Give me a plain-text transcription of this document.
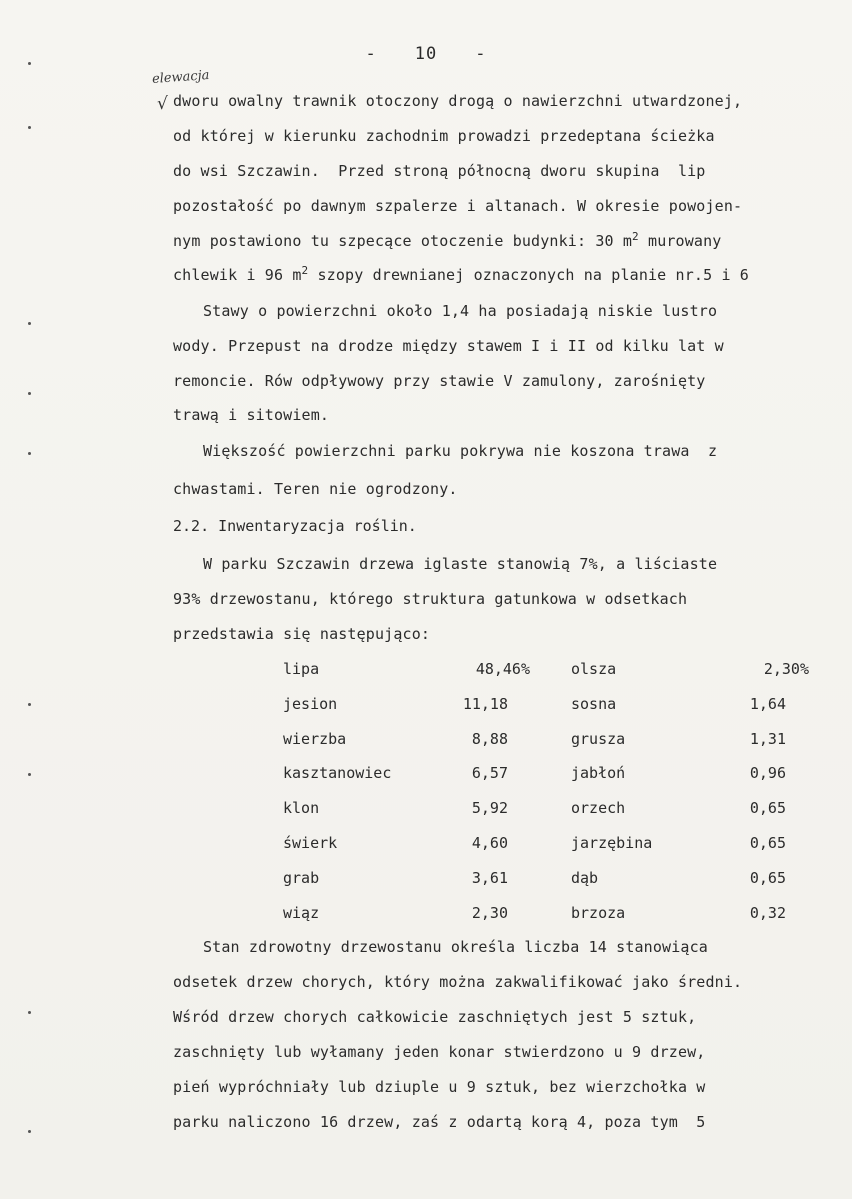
- 10 -
elewacja
√ dworu owalny trawnik otoczony drogą o nawierzchni utwardzonej,
od której w kierunku zachodnim prowadzi przedeptana ścieżka
do wsi Szczawin.  Przed stroną północną dworu skupina  lip
pozostałość po dawnym szpalerze i altanach. W okresie powojen-
nym postawiono tu szpecące otoczenie budynki: 30 $m^2$ murowany
chlewik i 96 $m^2$ szopy drewnianej oznaczonych na planie nr.5 i 6
Stawy o powierzchni około 1,4 ha posiadają niskie lustro
wody. Przepust na drodze między stawem I i II od kilku lat w
remoncie. Rów odpływowy przy stawie V zamulony, zarośnięty
trawą i sitowiem.
Większość powierzchni parku pokrywa nie koszona trawa  z
chwastami. Teren nie ogrodzony.
2.2. Inwentaryzacja roślin.
W parku Szczawin drzewa iglaste stanowią 7%, a liściaste
93% drzewostanu, którego struktura gatunkowa w odsetkach
przedstawia się następująco:
lipa	48,46%	olsza	2,30%
jesion	11,18	sosna	1,64
wierzba	8,88	grusza	1,31
kasztanowiec	6,57	jabłoń	0,96
klon	5,92	orzech	0,65
świerk	4,60	jarzębina	0,65
grab	3,61	dąb	0,65
wiąz	2,30	brzoza	0,32
Stan zdrowotny drzewostanu określa liczba 14 stanowiąca
odsetek drzew chorych, który można zakwalifikować jako średni.
Wśród drzew chorych całkowicie zaschniętych jest 5 sztuk,
zaschnięty lub wyłamany jeden konar stwierdzono u 9 drzew,
pień wypróchniały lub dziuple u 9 sztuk, bez wierzchołka w
parku naliczono 16 drzew, zaś z odartą korą 4, poza tym  5
